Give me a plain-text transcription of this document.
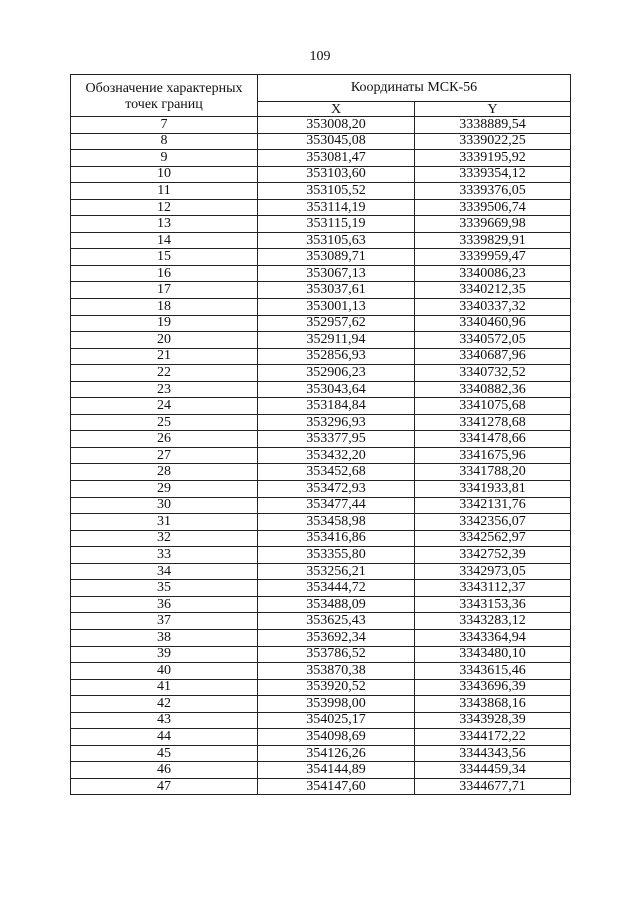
109
Обозначение характерных точек границ	Координаты МСК-56	
	X	Y
7	353008,20	3338889,54
8	353045,08	3339022,25
9	353081,47	3339195,92
10	353103,60	3339354,12
11	353105,52	3339376,05
12	353114,19	3339506,74
13	353115,19	3339669,98
14	353105,63	3339829,91
15	353089,71	3339959,47
16	353067,13	3340086,23
17	353037,61	3340212,35
18	353001,13	3340337,32
19	352957,62	3340460,96
20	352911,94	3340572,05
21	352856,93	3340687,96
22	352906,23	3340732,52
23	353043,64	3340882,36
24	353184,84	3341075,68
25	353296,93	3341278,68
26	353377,95	3341478,66
27	353432,20	3341675,96
28	353452,68	3341788,20
29	353472,93	3341933,81
30	353477,44	3342131,76
31	353458,98	3342356,07
32	353416,86	3342562,97
33	353355,80	3342752,39
34	353256,21	3342973,05
35	353444,72	3343112,37
36	353488,09	3343153,36
37	353625,43	3343283,12
38	353692,34	3343364,94
39	353786,52	3343480,10
40	353870,38	3343615,46
41	353920,52	3343696,39
42	353998,00	3343868,16
43	354025,17	3343928,39
44	354098,69	3344172,22
45	354126,26	3344343,56
46	354144,89	3344459,34
47	354147,60	3344677,71
